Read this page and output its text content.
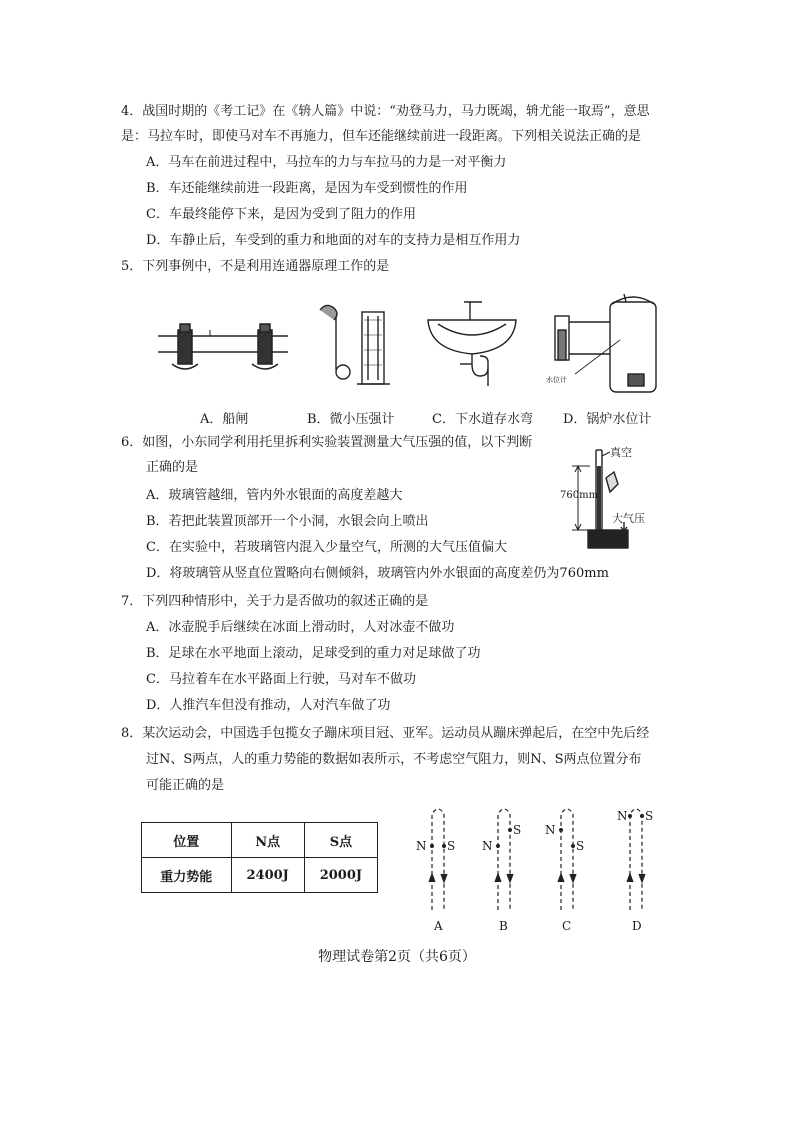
4．战国时期的《考工记》在《辀人篇》中说：“劝登马力，马力既竭，辀尤能一取焉”，意思
是：马拉车时，即使马对车不再施力，但车还能继续前进一段距离。下列相关说法正确的是
A．马车在前进过程中，马拉车的力与车拉马的力是一对平衡力
B．车还能继续前进一段距离，是因为车受到惯性的作用
C．车最终能停下来，是因为受到了阻力的作用
D．车静止后，车受到的重力和地面的对车的支持力是相互作用力
5．下列事例中，不是利用连通器原理工作的是
水位计
A．船闸	B．微小压强计	C．下水道存水弯 D．锅炉水位计
6．如图，小东同学利用托里拆利实验装置测量大气压强的值，以下判断
正确的是
A．玻璃管越细，管内外水银面的高度差越大
B．若把此装置顶部开一个小洞，水银会向上喷出
C．在实验中，若玻璃管内混入少量空气，所测的大气压值偏大
D．将玻璃管从竖直位置略向右侧倾斜，玻璃管内外水银面的高度差仍为760mm
真空
760mm
大气压
7．下列四种情形中，关于力是否做功的叙述正确的是
A．冰壶脱手后继续在冰面上滑动时，人对冰壶不做功
B．足球在水平地面上滚动，足球受到的重力对足球做了功
C．马拉着车在水平路面上行驶，马对车不做功
D．人推汽车但没有推动，人对汽车做了功
8．某次运动会，中国选手包揽女子蹦床项目冠、亚军。运动员从蹦床弹起后，在空中先后经
过N、S两点，人的重力势能的数据如表所示，不考虑空气阻力，则N、S两点位置分布
可能正确的是
位置	N点	S点
重力势能	2400J	2000J
N S N
S N
S
N S
A	B	C	D
物理试卷第2页（共6页）
